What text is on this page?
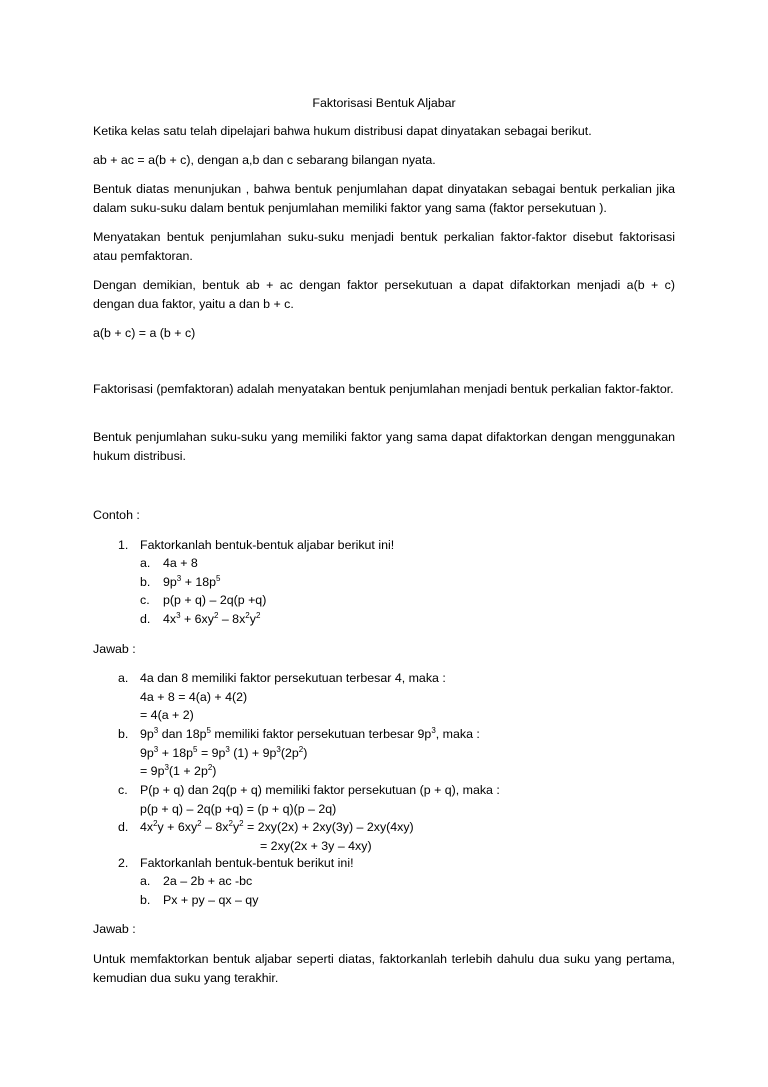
Faktorisasi Bentuk Aljabar
Ketika kelas satu telah dipelajari bahwa hukum distribusi dapat dinyatakan sebagai berikut.
ab + ac = a(b + c), dengan a,b dan c sebarang bilangan nyata.
Bentuk diatas menunjukan , bahwa bentuk penjumlahan dapat dinyatakan sebagai bentuk perkalian jika dalam suku-suku dalam bentuk penjumlahan memiliki faktor yang sama (faktor persekutuan ).
Menyatakan bentuk penjumlahan suku-suku menjadi bentuk perkalian faktor-faktor disebut faktorisasi atau pemfaktoran.
Dengan demikian, bentuk ab + ac dengan faktor persekutuan a dapat difaktorkan menjadi a(b + c) dengan dua faktor, yaitu a dan b + c.
a(b + c) = a (b + c)
Faktorisasi (pemfaktoran) adalah menyatakan bentuk penjumlahan menjadi bentuk perkalian faktor-faktor.
Bentuk penjumlahan suku-suku yang memiliki faktor yang sama dapat difaktorkan dengan menggunakan hukum distribusi.
Contoh :
1. Faktorkanlah bentuk-bentuk aljabar berikut ini!
a.	4a + 8
b.	$9p^3 + 18p^5$
c.	p(p + q) – 2q(p +q)
d.	$4x^3 + 6xy^2 - 8x^2y^2$
Jawab :
a. 4a dan 8 memiliki faktor persekutuan terbesar 4, maka :
4a + 8 = 4(a) + 4(2)
= 4(a + 2)
b. $9p^3$ dan $18p^5$ memiliki faktor persekutuan terbesar $9p^3$, maka :
$9p^3 + 18p^5 = 9p^3$ $(1) + 9p^3(2p^2)$
= $9p^3(1 + 2p^2)$
c. P(p + q) dan 2q(p + q) memiliki faktor persekutuan (p + q), maka :
p(p + q) – 2q(p +q) = (p + q)(p – 2q)
d. $4x^2y + 6xy^2 - 8x^2y^2 = 2xy(2x) + 2xy(3y) - 2xy(4xy)$
= 2xy(2x + 3y – 4xy)
2. Faktorkanlah bentuk-bentuk berikut ini!
a.	2a – 2b + ac -bc
b.	Px + py – qx – qy
Jawab :
Untuk memfaktorkan bentuk aljabar seperti diatas, faktorkanlah terlebih dahulu dua suku yang pertama, kemudian dua suku yang terakhir.
